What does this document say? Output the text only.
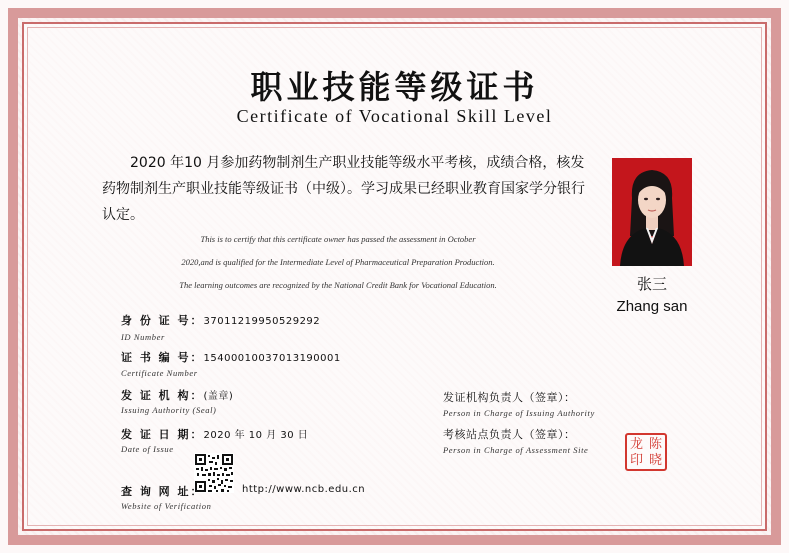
职业技能等级证书
Certificate of Vocational Skill Level
2020 年10 月参加药物制剂生产职业技能等级水平考核，成绩合格，核发药物制剂生产职业技能等级证书（中级）。学习成果已经职业教育国家学分银行认定。
This is to certify that this certificate owner has passed the assessment in October
2020,and is qualified for the Intermediate Level of Pharmaceutical Preparation Production.
The learning outcomes are recognized by the National Credit Bank for Vocational Education.	张三
Zhang san
身 份 证 号：37011219950529292
ID Number
证 书 编 号：15400010037013190001
Certificate Number
发 证 机 构：(盖章)
Issuing Authority (Seal)
发 证 日 期：2020 年 10 月 30 日
Date of Issue
查 询 网 址：	http://www.ncb.edu.cn
Website of Verification
发证机构负责人（签章）：
Person in Charge of Issuing Authority
考核站点负责人（签章）：
Person in Charge of Assessment Site	龙 陈
印 晓
